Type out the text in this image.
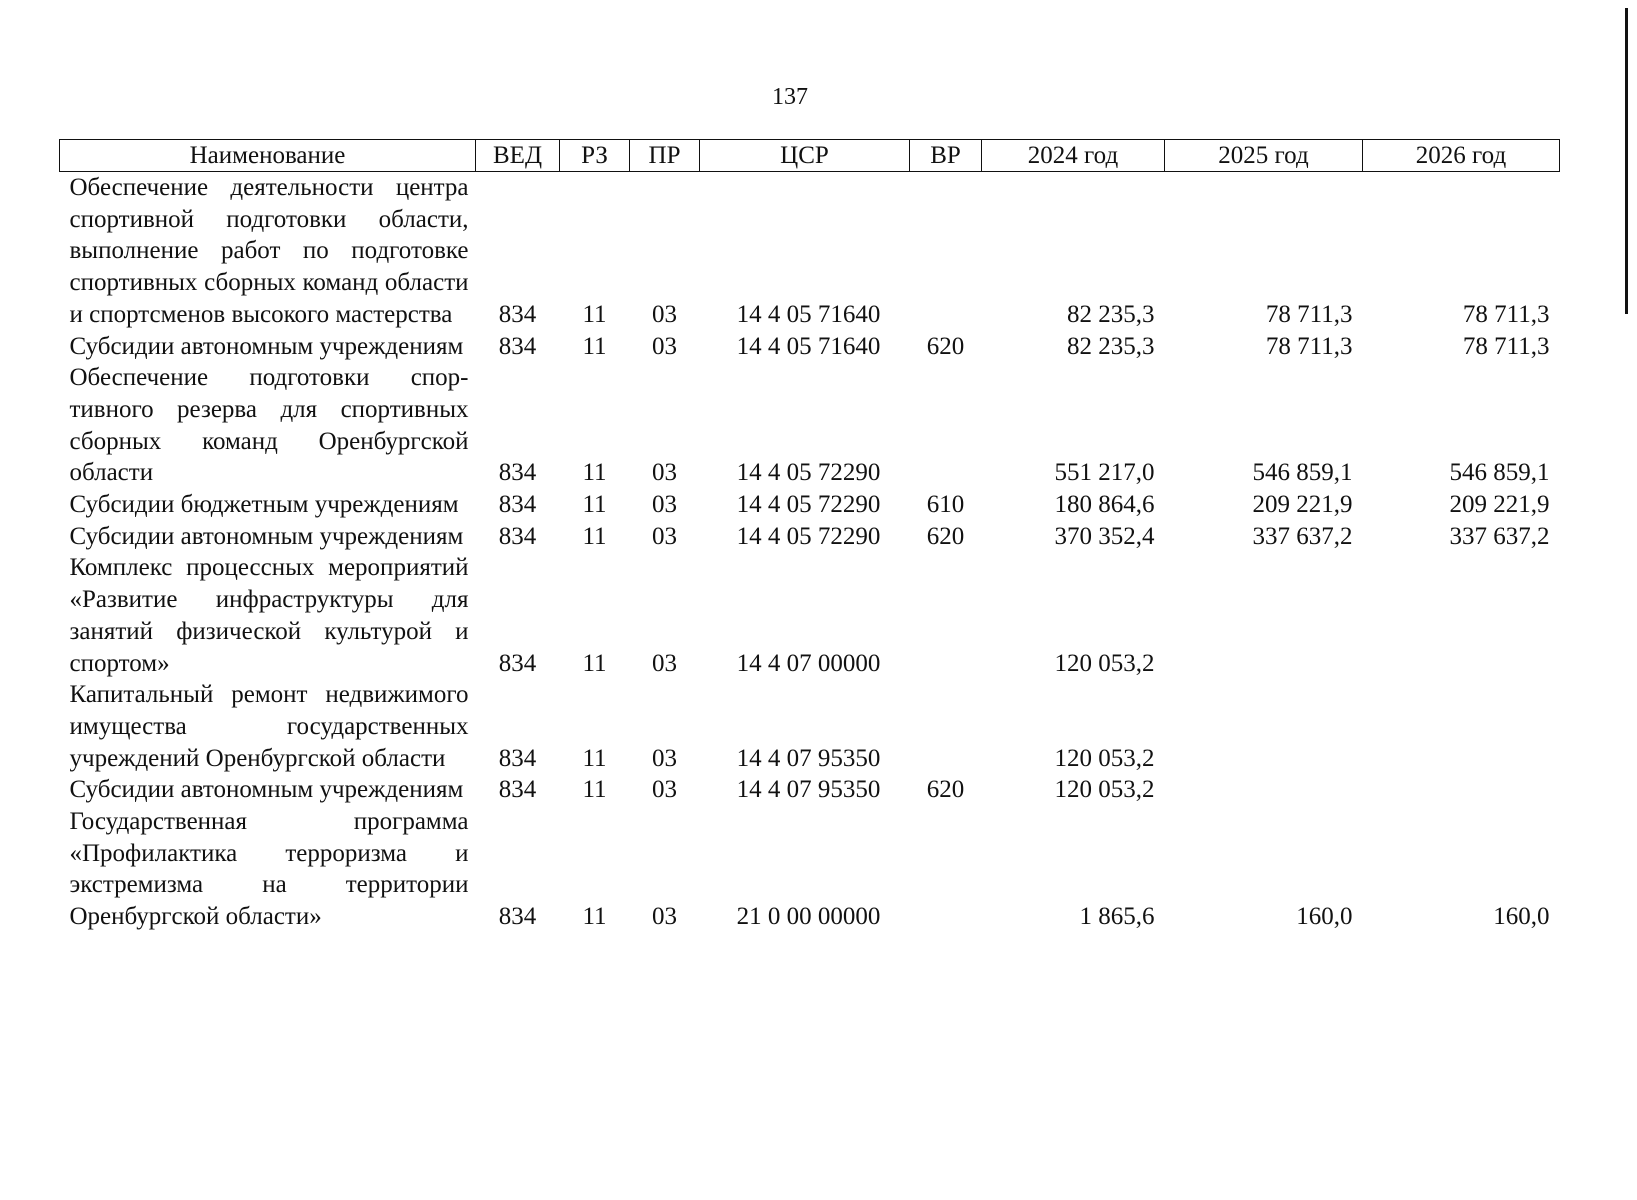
137
Наименование	ВЕД	РЗ	ПР	ЦСР	ВР	2024 год	2025 год	2026 год
Обеспечение деятельности центра спортивной подготовки области, выполнение работ по подготовке спортивных сборных команд области и спортсменов высокого мастерства	834	11	03	14 4 05 71640		82 235,3	78 711,3	78 711,3
Субсидии автономным учреждениям	834	11	03	14 4 05 71640	620	82 235,3	78 711,3	78 711,3
Обеспечение подготовки спортивного резерва для спортивных сборных команд Оренбургской области	834	11	03	14 4 05 72290		551 217,0	546 859,1	546 859,1
Субсидии бюджетным учреждениям	834	11	03	14 4 05 72290	610	180 864,6	209 221,9	209 221,9
Субсидии автономным учреждениям	834	11	03	14 4 05 72290	620	370 352,4	337 637,2	337 637,2
Комплекс процессных мероприятий «Развитие инфраструктуры для занятий физической культурой и спортом»	834	11	03	14 4 07 00000		120 053,2		
Капитальный ремонт недвижимого имущества государственных учреждений Оренбургской области	834	11	03	14 4 07 95350		120 053,2		
Субсидии автономным учреждениям	834	11	03	14 4 07 95350	620	120 053,2		
Государственная программа «Профилактика терроризма и экстремизма на территории Оренбургской области»	834	11	03	21 0 00 00000		1 865,6	160,0	160,0
